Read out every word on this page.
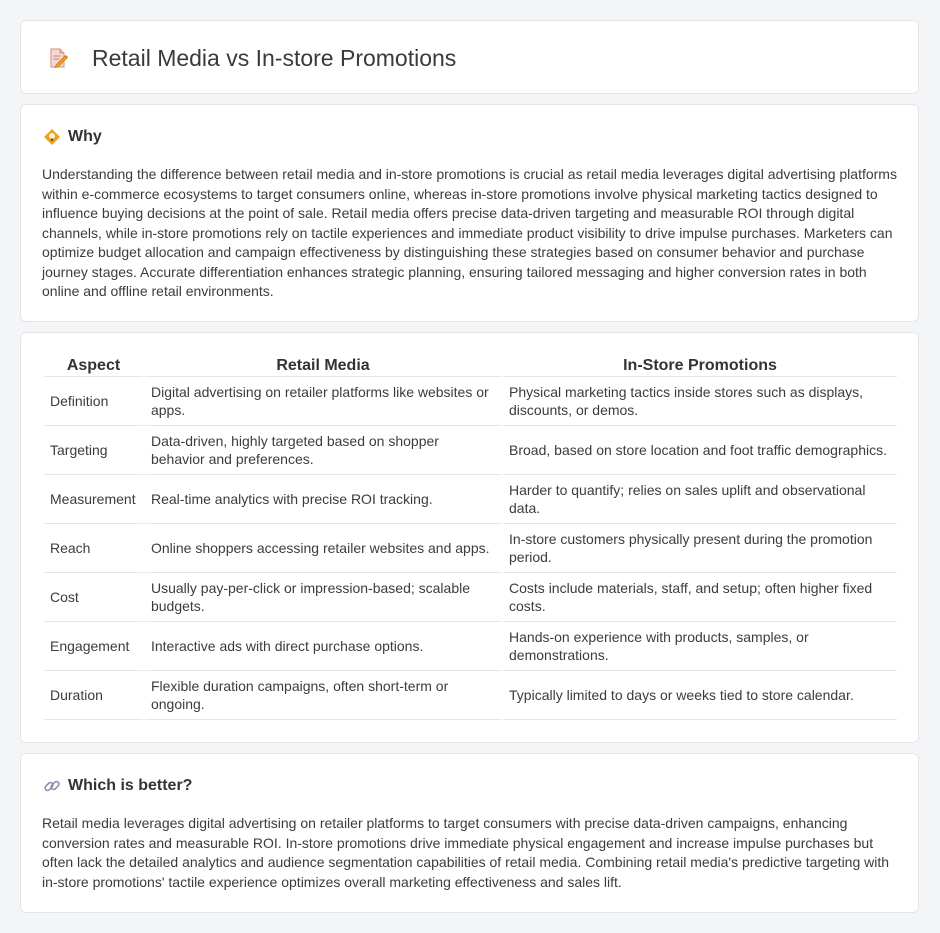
Retail Media vs In-store Promotions
Why

Understanding the difference between retail media and in-store promotions is crucial as retail media leverages digital advertising platforms within e-commerce ecosystems to target consumers online, whereas in-store promotions involve physical marketing tactics designed to influence buying decisions at the point of sale. Retail media offers precise data-driven targeting and measurable ROI through digital channels, while in-store promotions rely on tactile experiences and immediate product visibility to drive impulse purchases. Marketers can optimize budget allocation and campaign effectiveness by distinguishing these strategies based on consumer behavior and purchase journey stages. Accurate differentiation enhances strategic planning, ensuring tailored messaging and higher conversion rates in both online and offline retail environments.

Aspect	Retail Media	In-Store Promotions
Definition	Digital advertising on retailer platforms like websites or apps.	Physical marketing tactics inside stores such as displays, discounts, or demos.
Targeting	Data-driven, highly targeted based on shopper behavior and preferences.	Broad, based on store location and foot traffic demographics.
Measurement	Real-time analytics with precise ROI tracking.	Harder to quantify; relies on sales uplift and observational data.
Reach	Online shoppers accessing retailer websites and apps.	In-store customers physically present during the promotion period.
Cost	Usually pay-per-click or impression-based; scalable budgets.	Costs include materials, staff, and setup; often higher fixed costs.
Engagement	Interactive ads with direct purchase options.	Hands-on experience with products, samples, or demonstrations.
Duration	Flexible duration campaigns, often short-term or ongoing.	Typically limited to days or weeks tied to store calendar.
Which is better?

Retail media leverages digital advertising on retailer platforms to target consumers with precise data-driven campaigns, enhancing conversion rates and measurable ROI. In-store promotions drive immediate physical engagement and increase impulse purchases but often lack the detailed analytics and audience segmentation capabilities of retail media. Combining retail media's predictive targeting with in-store promotions' tactile experience optimizes overall marketing effectiveness and sales lift.
